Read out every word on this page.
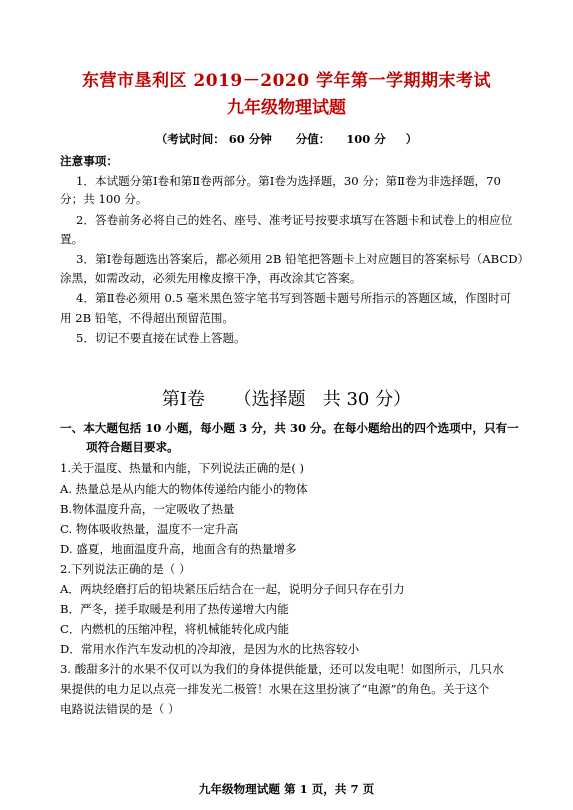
东营市垦利区 2019－2020 学年第一学期期末考试
九年级物理试题
（考试时间： 60 分钟      分值：    100 分     ）
注意事项：
1．本试题分第Ⅰ卷和第Ⅱ卷两部分。第Ⅰ卷为选择题，30 分；第Ⅱ卷为非选择题，70
分；共 100 分。
2．答卷前务必将自己的姓名、座号、准考证号按要求填写在答题卡和试卷上的相应位
置。
3．第Ⅰ卷每题选出答案后，都必须用 2B 铅笔把答题卡上对应题目的答案标号（ABCD）
涂黑，如需改动，必须先用橡皮擦干净，再改涂其它答案。
4．第Ⅱ卷必须用 0.5 毫米黑色签字笔书写到答题卡题号所指示的答题区域，作图时可
用 2B 铅笔，不得超出预留范围。
5．切记不要直接在试卷上答题。
第Ⅰ卷     （选择题   共 30 分）
一、本大题包括 10 小题，每小题 3 分，共 30 分。在每小题给出的四个选项中，只有一
项符合题目要求。
1.关于温度、热量和内能，下列说法正确的是( )
A. 热量总是从内能大的物体传递给内能小的物体
B.物体温度升高，一定吸收了热量
C. 物体吸收热量，温度不一定升高
D. 盛夏，地面温度升高，地面含有的热量增多
2.下列说法正确的是（ ）
A．两块经磨打后的铅块紧压后结合在一起，说明分子间只存在引力
B．严冬，搓手取暖是利用了热传递增大内能
C．内燃机的压缩冲程，将机械能转化成内能
D．常用水作汽车发动机的冷却液，是因为水的比热容较小
3. 酸甜多汁的水果不仅可以为我们的身体提供能量，还可以发电呢！如图所示，几只水
果提供的电力足以点亮一排发光二极管！水果在这里扮演了“电源”的角色。关于这个
电路说法错误的是（ ）
九年级物理试题 第 1 页，共 7 页
